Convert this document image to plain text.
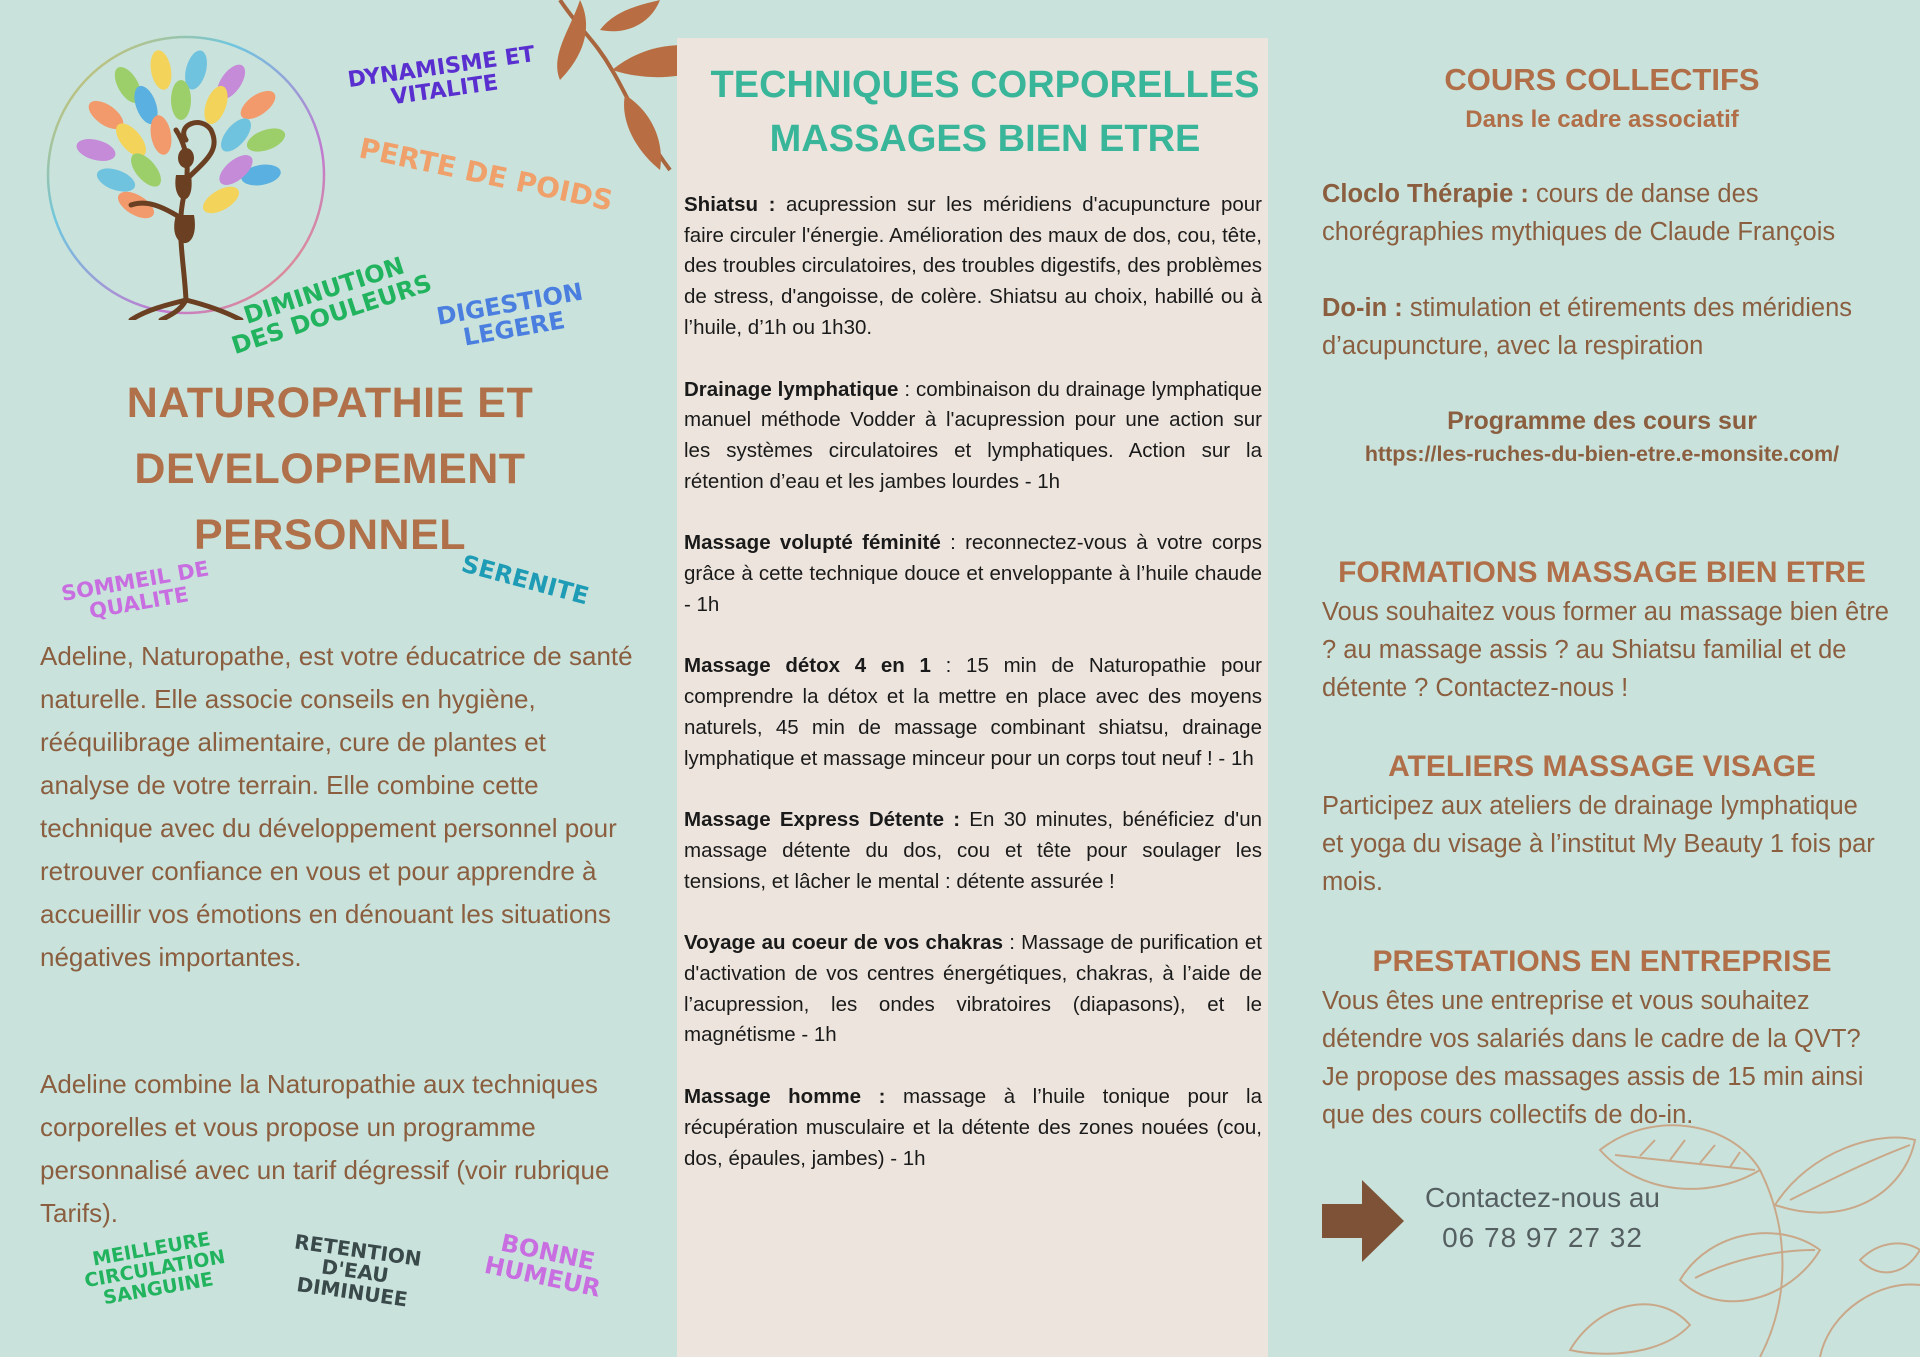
DYNAMISME ET
VITALITE
PERTE DE POIDS
DIMINUTION
DES DOULEURS DIGESTION
LEGERE
SOMMEIL DE
QUALITE	SERENITE
MEILLEURE
CIRCULATION
SANGUINE
RETENTION
D'EAU
DIMINUEE
BONNE
HUMEUR
NATUROPATHIE ET
DEVELOPPEMENT
PERSONNEL

Adeline, Naturopathe, est votre éducatrice de santé naturelle. Elle associe conseils en hygiène, rééquilibrage alimentaire, cure de plantes et analyse de votre terrain. Elle combine cette technique avec du développement personnel pour retrouver confiance en vous et pour apprendre à accueillir vos émotions en dénouant les situations négatives importantes.

Adeline combine la Naturopathie aux techniques corporelles et vous propose un programme personnalisé avec un tarif dégressif (voir rubrique Tarifs).

TECHNIQUES CORPORELLES
MASSAGES BIEN ETRE

Shiatsu : acupression sur les méridiens d'acupuncture pour faire circuler l'énergie. Amélioration des maux de dos, cou, tête, des troubles circulatoires, des troubles digestifs, des problèmes de stress, d'angoisse, de colère. Shiatsu au choix, habillé ou à l’huile, d’1h ou 1h30.

Drainage lymphatique : combinaison du drainage lymphatique manuel méthode Vodder à l'acupression pour une action sur les systèmes circulatoires et lymphatiques. Action sur la rétention d’eau et les jambes lourdes - 1h

Massage volupté féminité : reconnectez-vous à votre corps grâce à cette technique douce et enveloppante à l’huile chaude - 1h

Massage détox 4 en 1 : 15 min de Naturopathie pour comprendre la détox et la mettre en place avec des moyens naturels, 45 min de massage combinant shiatsu, drainage lymphatique et massage minceur pour un corps tout neuf ! - 1h

Massage Express Détente : En 30 minutes, bénéficiez d'un massage détente du dos, cou et tête pour soulager les tensions, et lâcher le mental : détente assurée !

Voyage au coeur de vos chakras : Massage de purification et d'activation de vos centres énergétiques, chakras, à l’aide de l’acupression, les ondes vibratoires (diapasons), et le magnétisme - 1h

Massage homme : massage à l’huile tonique pour la récupération musculaire et la détente des zones nouées (cou, dos, épaules, jambes) - 1h

COURS COLLECTIFS
Dans le cadre associatif

Cloclo Thérapie : cours de danse des chorégraphies mythiques de Claude François

Do-in : stimulation et étirements des méridiens d’acupuncture, avec la respiration

Programme des cours sur
https://les-ruches-du-bien-etre.e-monsite.com/
FORMATIONS MASSAGE BIEN ETRE

Vous souhaitez vous former au massage bien être ? au massage assis ? au Shiatsu familial et de détente ? Contactez-nous !

ATELIERS MASSAGE VISAGE

Participez aux ateliers de drainage lymphatique et yoga du visage à l’institut My Beauty 1 fois par mois.

PRESTATIONS EN ENTREPRISE

Vous êtes une entreprise et vous souhaitez détendre vos salariés dans le cadre de la QVT? Je propose des massages assis de 15 min ainsi que des cours collectifs de do-in.

Contactez-nous au
06 78 97 27 32
